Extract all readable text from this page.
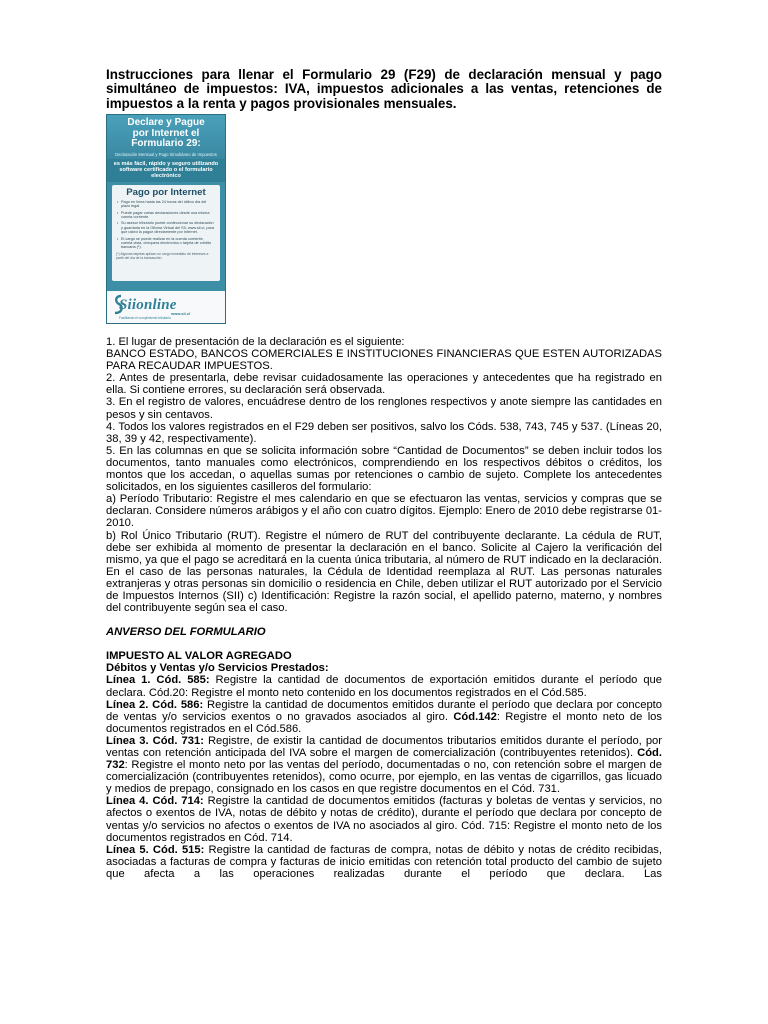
Instrucciones para llenar el Formulario 29 (F29) de declaración mensual y pago simultáneo de impuestos: IVA, impuestos adicionales a las ventas, retenciones de impuestos a la renta y pagos provisionales mensuales.
Declare y Pague
por Internet el Formulario 29:
Declaración Mensual y Pago Simultáneo de Impuestos
es más fácil, rápido y seguro utilizando
software certificado o el formulario electrónico
Pago por Internet
• Pago en línea hasta las 24 horas del último día del plazo legal.
• Puede pagar varias declaraciones desde una misma cuenta corriente.
• Su asesor tributario puede confeccionar su declaración y guardarla en la Oficina Virtual del SII, www.sii.cl, para que usted la pague directamente por Internet.
• El cargo se puede realizar en la cuenta corriente, cuenta vista, chequera electrónica o tarjeta de crédito bancaria (*).
(*) Algunas tarjetas aplican un cargo inmediato de intereses a partir del día de la transacción.
Siionline
www.sii.cl
Facilitando el cumplimiento tributario

1. El lugar de presentación de la declaración es el siguiente:

BANCO ESTADO, BANCOS COMERCIALES E INSTITUCIONES FINANCIERAS QUE ESTEN AUTORIZADAS PARA RECAUDAR IMPUESTOS.

2. Antes de presentarla, debe revisar cuidadosamente las operaciones y antecedentes que ha registrado en ella. Si contiene errores, su declaración será observada.

3. En el registro de valores, encuádrese dentro de los renglones respectivos y anote siempre las cantidades en pesos y sin centavos.

4. Todos los valores registrados en el F29 deben ser positivos, salvo los Códs. 538, 743, 745 y 537. (Líneas 20, 38, 39 y 42, respectivamente).

5. En las columnas en que se solicita información sobre “Cantidad de Documentos” se deben incluir todos los documentos, tanto manuales como electrónicos, comprendiendo en los respectivos débitos o créditos, los montos que los accedan, o aquellas sumas por retenciones o cambio de sujeto. Complete los antecedentes solicitados, en los siguientes casilleros del formulario:

a) Período Tributario: Registre el mes calendario en que se efectuaron las ventas, servicios y compras que se declaran. Considere números arábigos y el año con cuatro dígitos. Ejemplo: Enero de 2010 debe registrarse 01-2010.

b) Rol Único Tributario (RUT). Registre el número de RUT del contribuyente declarante. La cédula de RUT, debe ser exhibida al momento de presentar la declaración en el banco. Solicite al Cajero la verificación del mismo, ya que el pago se acreditará en la cuenta única tributaria, al número de RUT indicado en la declaración. En el caso de las personas naturales, la Cédula de Identidad reemplaza al RUT. Las personas naturales extranjeras y otras personas sin domicilio o residencia en Chile, deben utilizar el RUT autorizado por el Servicio de Impuestos Internos (SII) c) Identificación: Registre la razón social, el apellido paterno, materno, y nombres del contribuyente según sea el caso.

ANVERSO DEL FORMULARIO

IMPUESTO AL VALOR AGREGADO

Débitos y Ventas y/o Servicios Prestados:

Línea 1. Cód. 585: Registre la cantidad de documentos de exportación emitidos durante el período que declara. Cód.20: Registre el monto neto contenido en los documentos registrados en el Cód.585.

Línea 2. Cód. 586: Registre la cantidad de documentos emitidos durante el período que declara por concepto de ventas y/o servicios exentos o no gravados asociados al giro. Cód.142: Registre el monto neto de los documentos registrados en el Cód.586.

Línea 3. Cód. 731: Registre, de existir la cantidad de documentos tributarios emitidos durante el período, por ventas con retención anticipada del IVA sobre el margen de comercialización (contribuyentes retenidos). Cód. 732: Registre el monto neto por las ventas del período, documentadas o no, con retención sobre el margen de comercialización (contribuyentes retenidos), como ocurre, por ejemplo, en las ventas de cigarrillos, gas licuado y medios de prepago, consignado en los casos en que registre documentos en el Cód. 731.

Línea 4. Cód. 714: Registre la cantidad de documentos emitidos (facturas y boletas de ventas y servicios, no afectos o exentos de IVA, notas de débito y notas de crédito), durante el período que declara por concepto de ventas y/o servicios no afectos o exentos de IVA no asociados al giro. Cód. 715: Registre el monto neto de los documentos registrados en Cód. 714.

Línea 5. Cód. 515: Registre la cantidad de facturas de compra, notas de débito y notas de crédito recibidas, asociadas a facturas de compra y facturas de inicio emitidas con retención total producto del cambio de sujeto que afecta a las operaciones realizadas durante el período que declara. Las
